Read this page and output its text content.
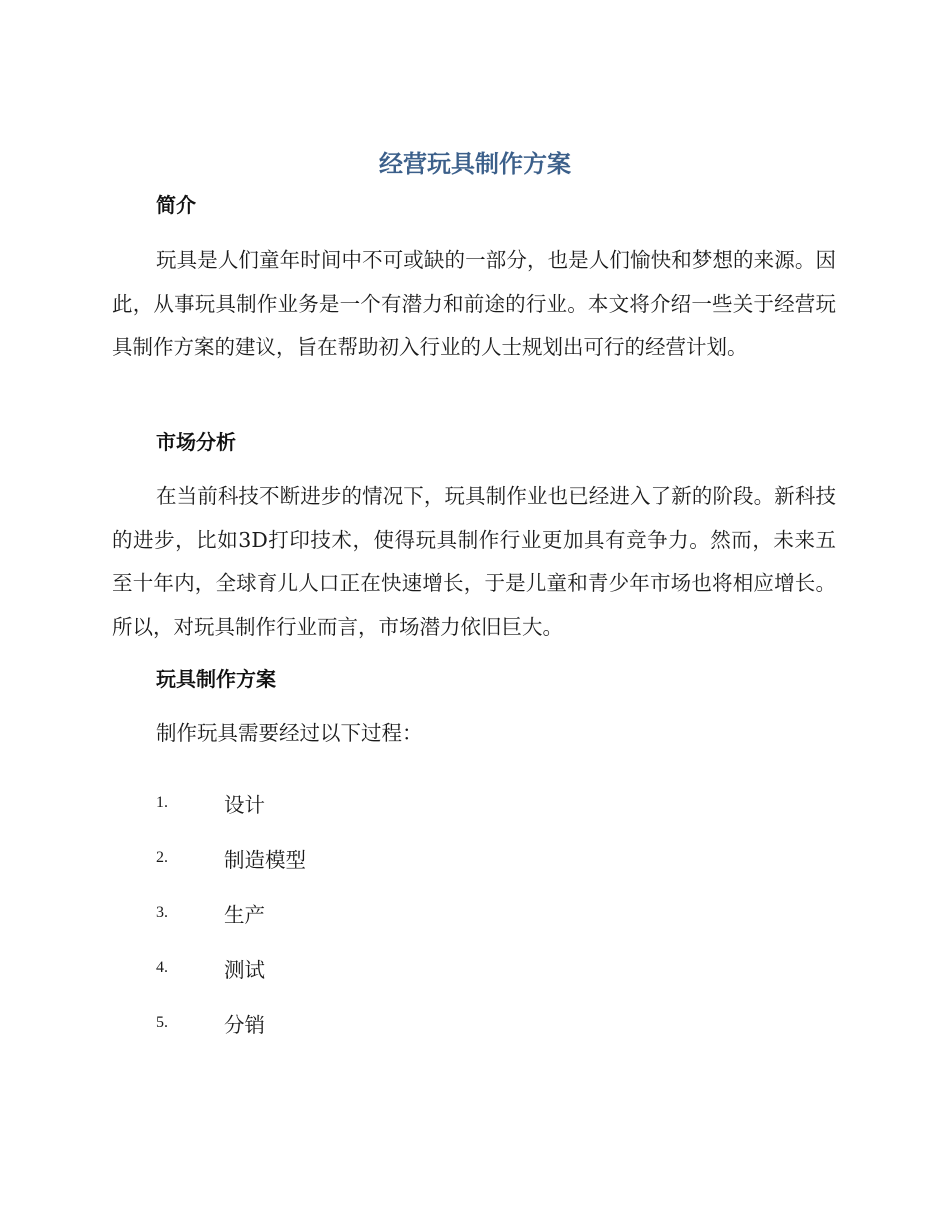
经营玩具制作方案
简介

玩具是人们童年时间中不可或缺的一部分，也是人们愉快和梦想的来源。因此，从事玩具制作业务是一个有潜力和前途的行业。本文将介绍一些关于经营玩具制作方案的建议，旨在帮助初入行业的人士规划出可行的经营计划。

市场分析

在当前科技不断进步的情况下，玩具制作业也已经进入了新的阶段。新科技的进步，比如3D打印技术，使得玩具制作行业更加具有竞争力。然而，未来五至十年内，全球育儿人口正在快速增长，于是儿童和青少年市场也将相应增长。所以，对玩具制作行业而言，市场潜力依旧巨大。

玩具制作方案

制作玩具需要经过以下过程：

1.	设计
2.	制造模型
3.	生产
4.	测试
5.	分销
